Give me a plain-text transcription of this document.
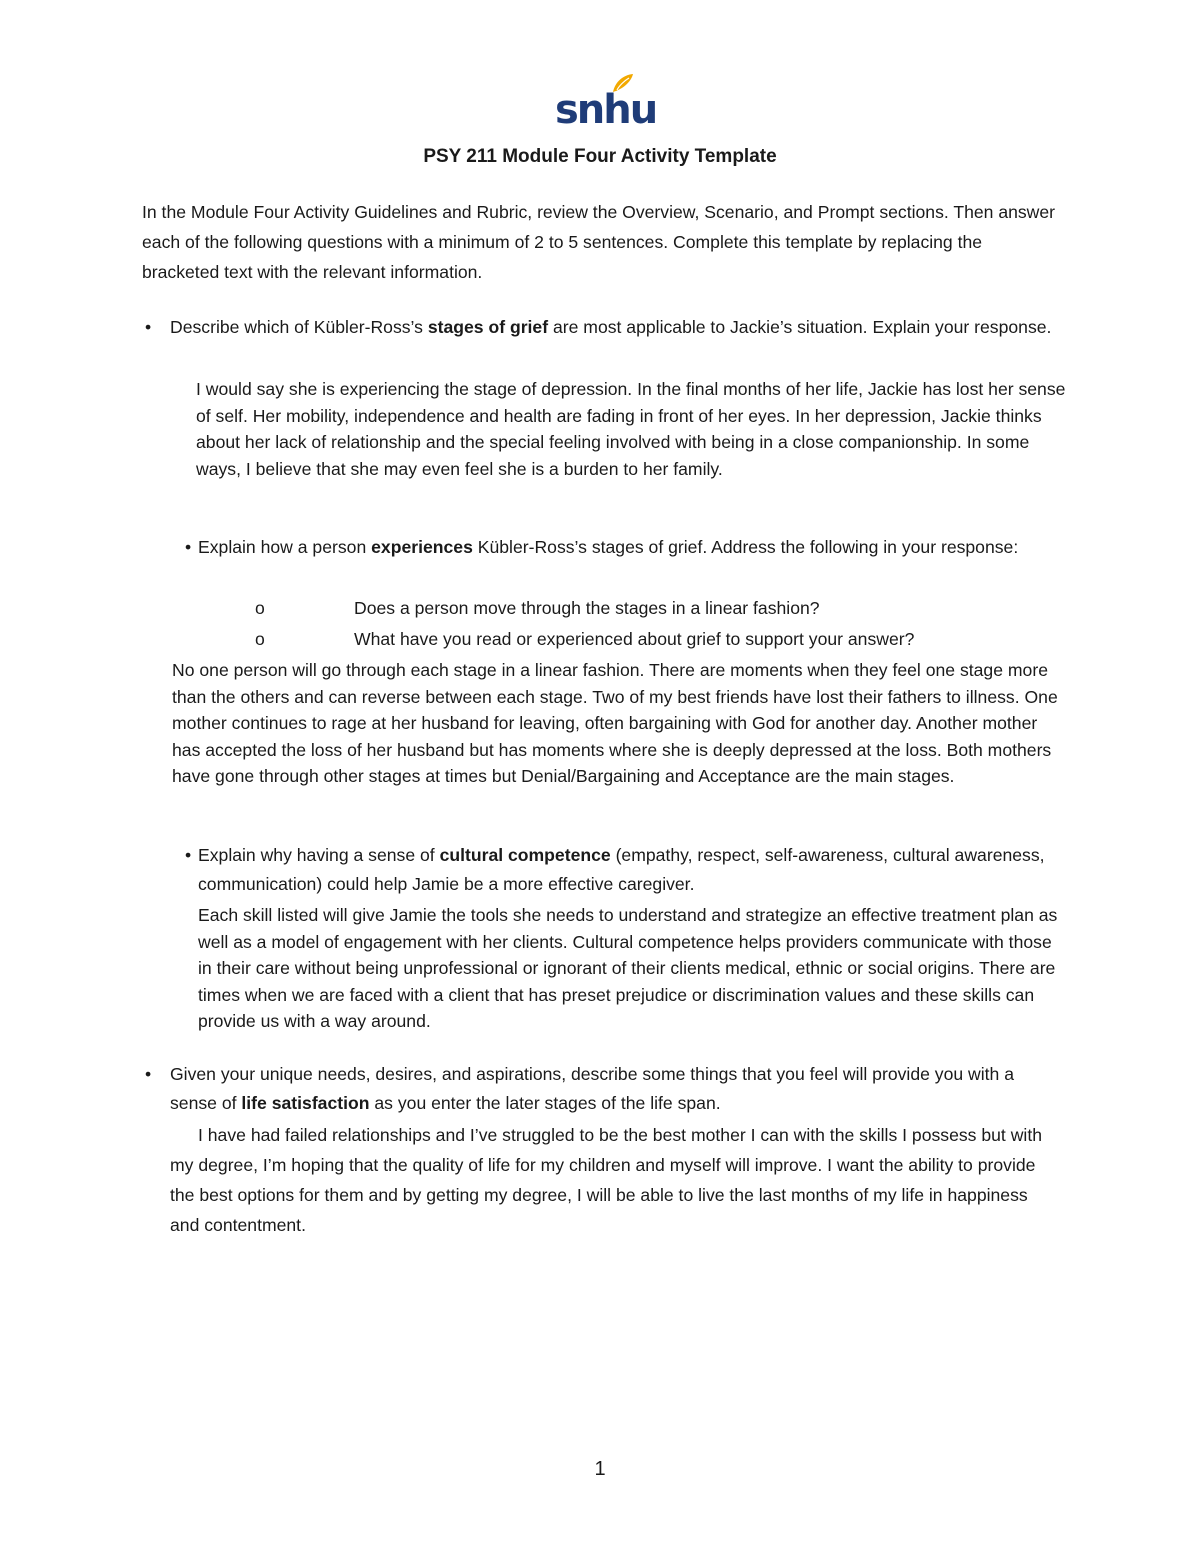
snhu
PSY 211 Module Four Activity Template

In the Module Four Activity Guidelines and Rubric, review the Overview, Scenario, and Prompt sections. Then answer each of the following questions with a minimum of 2 to 5 sentences. Complete this template by replacing the bracketed text with the relevant information.

• Describe which of Kübler-Ross’s stages of grief are most applicable to Jackie’s situation. Explain your response.

I would say she is experiencing the stage of depression. In the final months of her life, Jackie has lost her sense of self. Her mobility, independence and health are fading in front of her eyes. In her depression, Jackie thinks about her lack of relationship and the special feeling involved with being in a close companionship. In some ways, I believe that she may even feel she is a burden to her family.

• Explain how a person experiences Kübler-Ross’s stages of grief. Address the following in your response:

o	Does a person move through the stages in a linear fashion?
o	What have you read or experienced about grief to support your answer?

No one person will go through each stage in a linear fashion. There are moments when they feel one stage more than the others and can reverse between each stage. Two of my best friends have lost their fathers to illness. One mother continues to rage at her husband for leaving, often bargaining with God for another day. Another mother has accepted the loss of her husband but has moments where she is deeply depressed at the loss. Both mothers have gone through other stages at times but Denial/Bargaining and Acceptance are the main stages.

• Explain why having a sense of cultural competence (empathy, respect, self-awareness, cultural awareness, communication) could help Jamie be a more effective caregiver.

Each skill listed will give Jamie the tools she needs to understand and strategize an effective treatment plan as well as a model of engagement with her clients. Cultural competence helps providers communicate with those in their care without being unprofessional or ignorant of their clients medical, ethnic or social origins. There are times when we are faced with a client that has preset prejudice or discrimination values and these skills can provide us with a way around.

• Given your unique needs, desires, and aspirations, describe some things that you feel will provide you with a sense of life satisfaction as you enter the later stages of the life span.

I have had failed relationships and I’ve struggled to be the best mother I can with the skills I possess but with my degree, I’m hoping that the quality of life for my children and myself will improve. I want the ability to provide the best options for them and by getting my degree, I will be able to live the last months of my life in happiness and contentment.

1
